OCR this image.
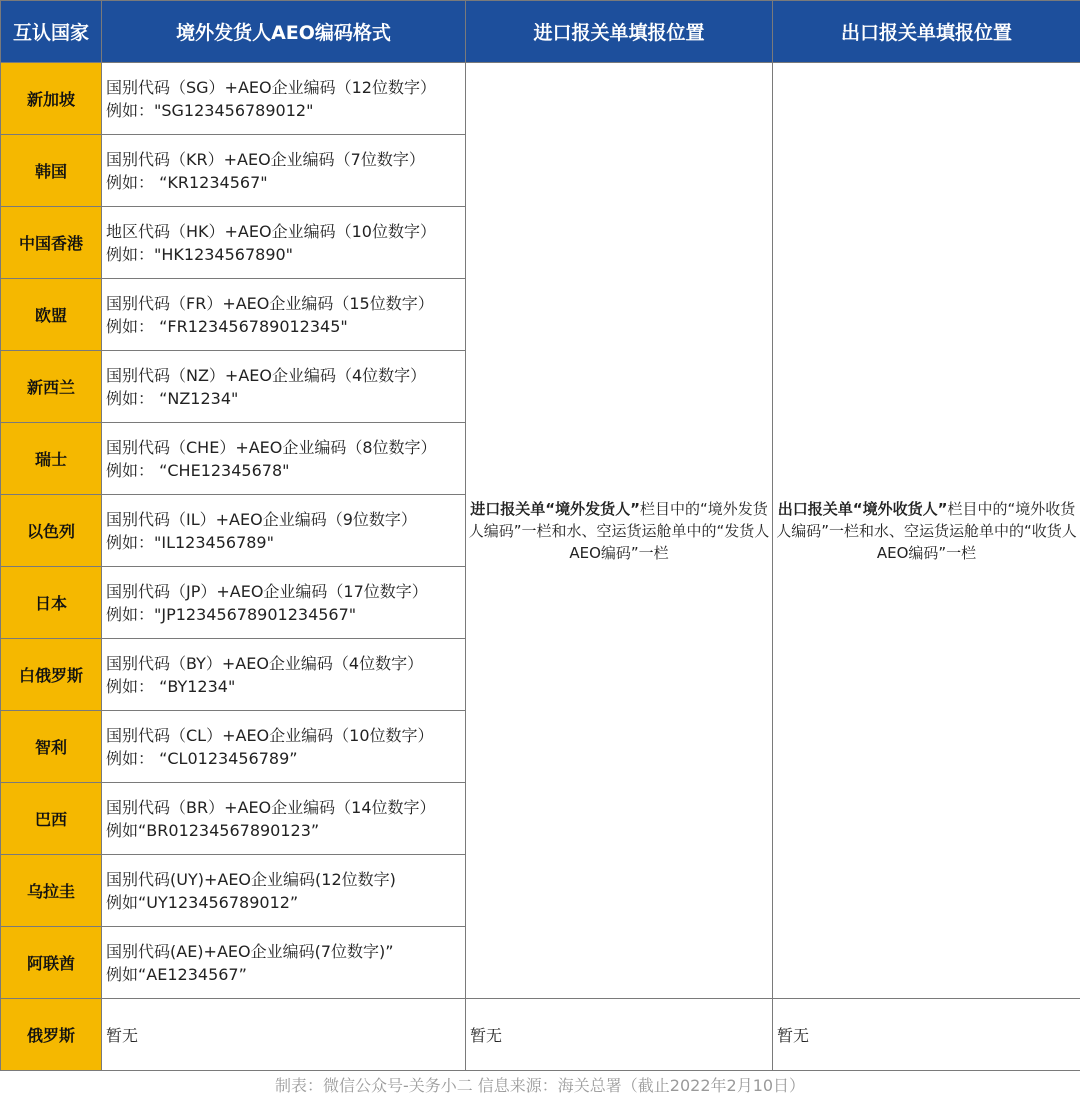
互认国家	境外发货人AEO编码格式	进口报关单填报位置	出口报关单填报位置
新加坡	国别代码（SG）+AEO企业编码（12位数字）
例如："SG123456789012"	进口报关单“境外发货人”栏目中的“境外发货人编码”一栏和水、空运货运舱单中的“发货人AEO编码”一栏	出口报关单“境外收货人”栏目中的“境外收货人编码”一栏和水、空运货运舱单中的“收货人AEO编码”一栏
韩国	国别代码（KR）+AEO企业编码（7位数字）
例如： “KR1234567"		
中国香港	地区代码（HK）+AEO企业编码（10位数字）
例如："HK1234567890"		
欧盟	国别代码（FR）+AEO企业编码（15位数字）
例如： “FR123456789012345"		
新西兰	国别代码（NZ）+AEO企业编码（4位数字）
例如： “NZ1234"		
瑞士	国别代码（CHE）+AEO企业编码（8位数字）
例如： “CHE12345678"		
以色列	国别代码（IL）+AEO企业编码（9位数字）
例如："IL123456789"		
日本	国别代码（JP）+AEO企业编码（17位数字）
例如："JP12345678901234567"		
白俄罗斯	国别代码（BY）+AEO企业编码（4位数字）
例如： “BY1234"		
智利	国别代码（CL）+AEO企业编码（10位数字）
例如： “CL0123456789”		
巴西	国别代码（BR）+AEO企业编码（14位数字）
例如“BR01234567890123”		
乌拉圭	国别代码(UY)+AEO企业编码(12位数字)
例如“UY123456789012”		
阿联酋	国别代码(AE)+AEO企业编码(7位数字)”
例如“AE1234567”		
俄罗斯	暂无	暂无	暂无
制表：微信公众号-关务小二 信息来源：海关总署（截止2022年2月10日）
